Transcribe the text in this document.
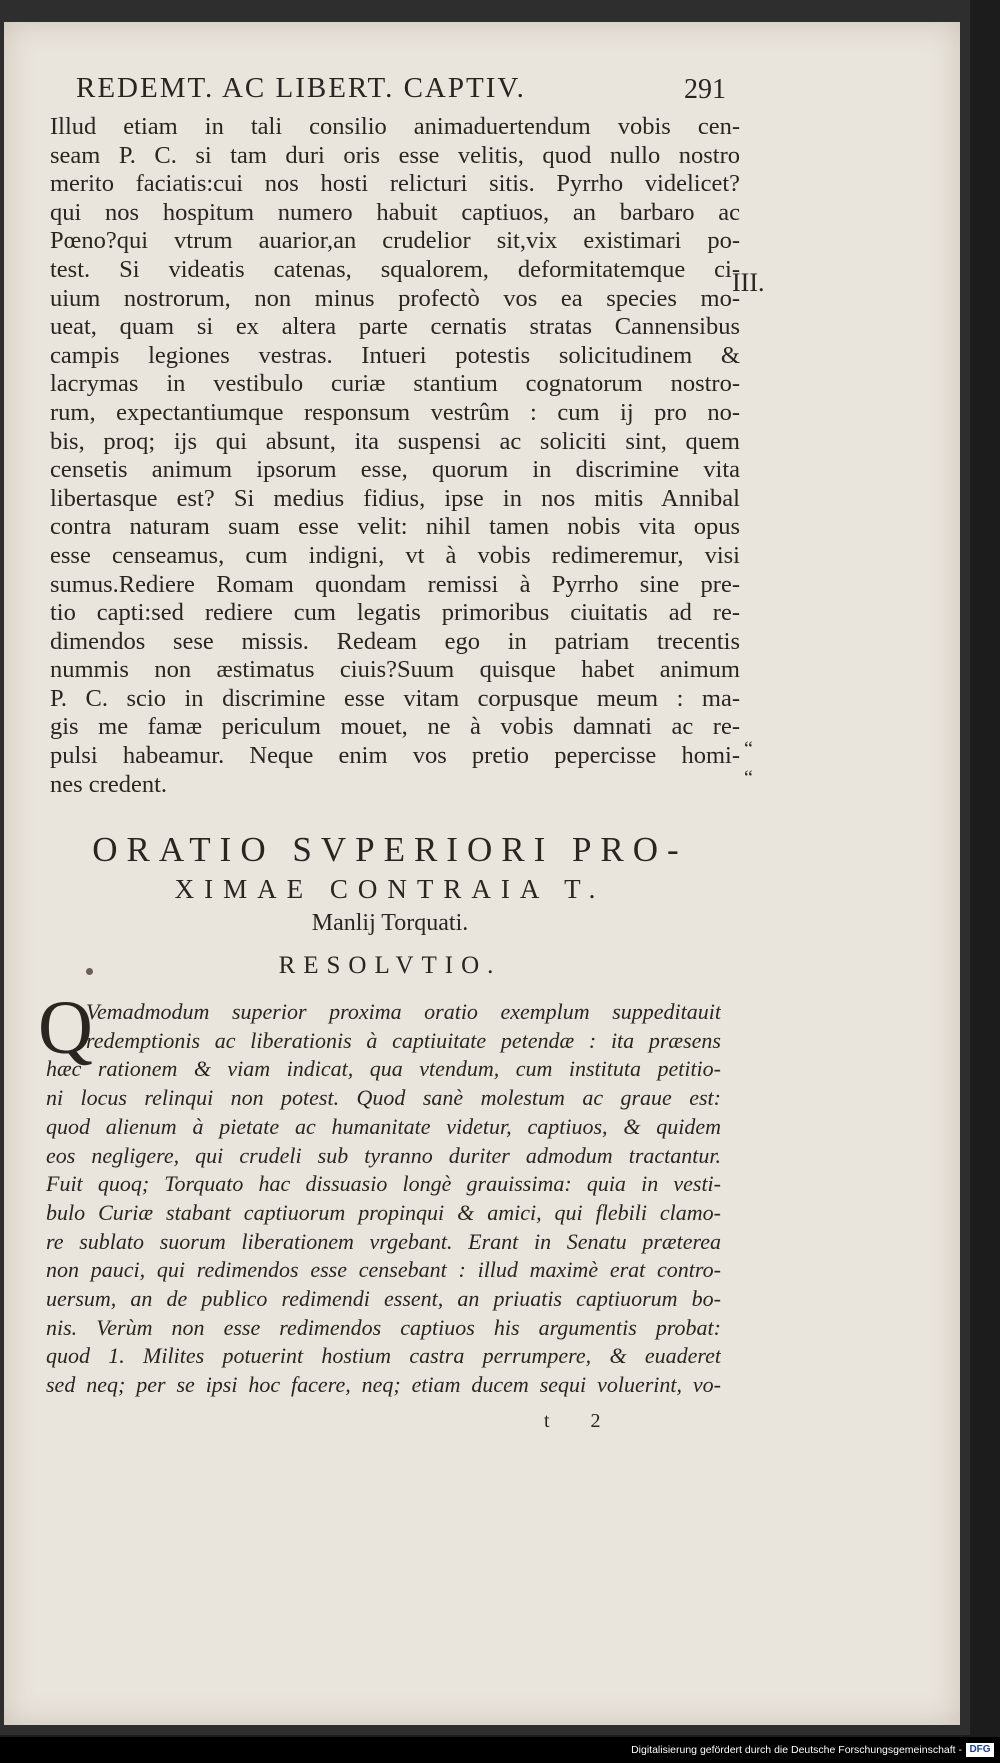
REDEMT. AC LIBERT. CAPTIV.	291
Illud etiam in tali consilio animaduertendum vobis cen-
seam P. C. si tam duri oris esse velitis, quod nullo nostro
merito faciatis:cui nos hosti relicturi sitis. Pyrrho videlicet?
qui nos hospitum numero habuit captiuos, an barbaro ac
Pœno?qui vtrum auarior,an crudelior sit,vix existimari po-
test. Si videatis catenas, squalorem, deformitatemque ci-
uium nostrorum, non minus profectò vos ea species mo-
ueat, quam si ex altera parte cernatis stratas Cannensibus
campis legiones vestras. Intueri potestis solicitudinem &
lacrymas in vestibulo curiæ stantium cognatorum nostro-
rum, expectantiumque responsum vestrûm : cum ij pro no-
bis, proq; ijs qui absunt, ita suspensi ac soliciti sint, quem
censetis animum ipsorum esse, quorum in discrimine vita
libertasque est? Si medius fidius, ipse in nos mitis Annibal
contra naturam suam esse velit: nihil tamen nobis vita opus
esse censeamus, cum indigni, vt à vobis redimeremur, visi
sumus.Rediere Romam quondam remissi à Pyrrho sine pre-
tio capti:sed rediere cum legatis primoribus ciuitatis ad re-
dimendos sese missis. Redeam ego in patriam trecentis
nummis non æstimatus ciuis?Suum quisque habet animum
P. C. scio in discrimine esse vitam corpusque meum : ma-
gis me famæ periculum mouet, ne à vobis damnati ac re-
pulsi habeamur. Neque enim vos pretio pepercisse homi-
nes credent.
III.
“
“
ORATIO SVPERIORI PRO-
XIMAE CONTRAIA T.
Manlij Torquati.
RESOLVTIO.
Q
Vemadmodum superior proxima oratio exemplum suppeditauit
redemptionis ac liberationis à captiuitate petendæ : ita præsens
hæc rationem & viam indicat, qua vtendum, cum instituta petitio-
ni locus relinqui non potest. Quod sanè molestum ac graue est:
quod alienum à pietate ac humanitate videtur, captiuos, & quidem
eos negligere, qui crudeli sub tyranno duriter admodum tractantur.
Fuit quoq; Torquato hac dissuasio longè grauissima: quia in vesti-
bulo Curiæ stabant captiuorum propinqui & amici, qui flebili clamo-
re sublato suorum liberationem vrgebant. Erant in Senatu præterea
non pauci, qui redimendos esse censebant : illud maximè erat contro-
uersum, an de publico redimendi essent, an priuatis captiuorum bo-
nis. Verùm non esse redimendos captiuos his argumentis probat:
quod 1. Milites potuerint hostium castra perrumpere, & euaderet
sed neq; per se ipsi hoc facere, neq; etiam ducem sequi voluerint, vo-
t 2
Digitalisierung gefördert durch die Deutsche Forschungsgemeinschaft - DFG
